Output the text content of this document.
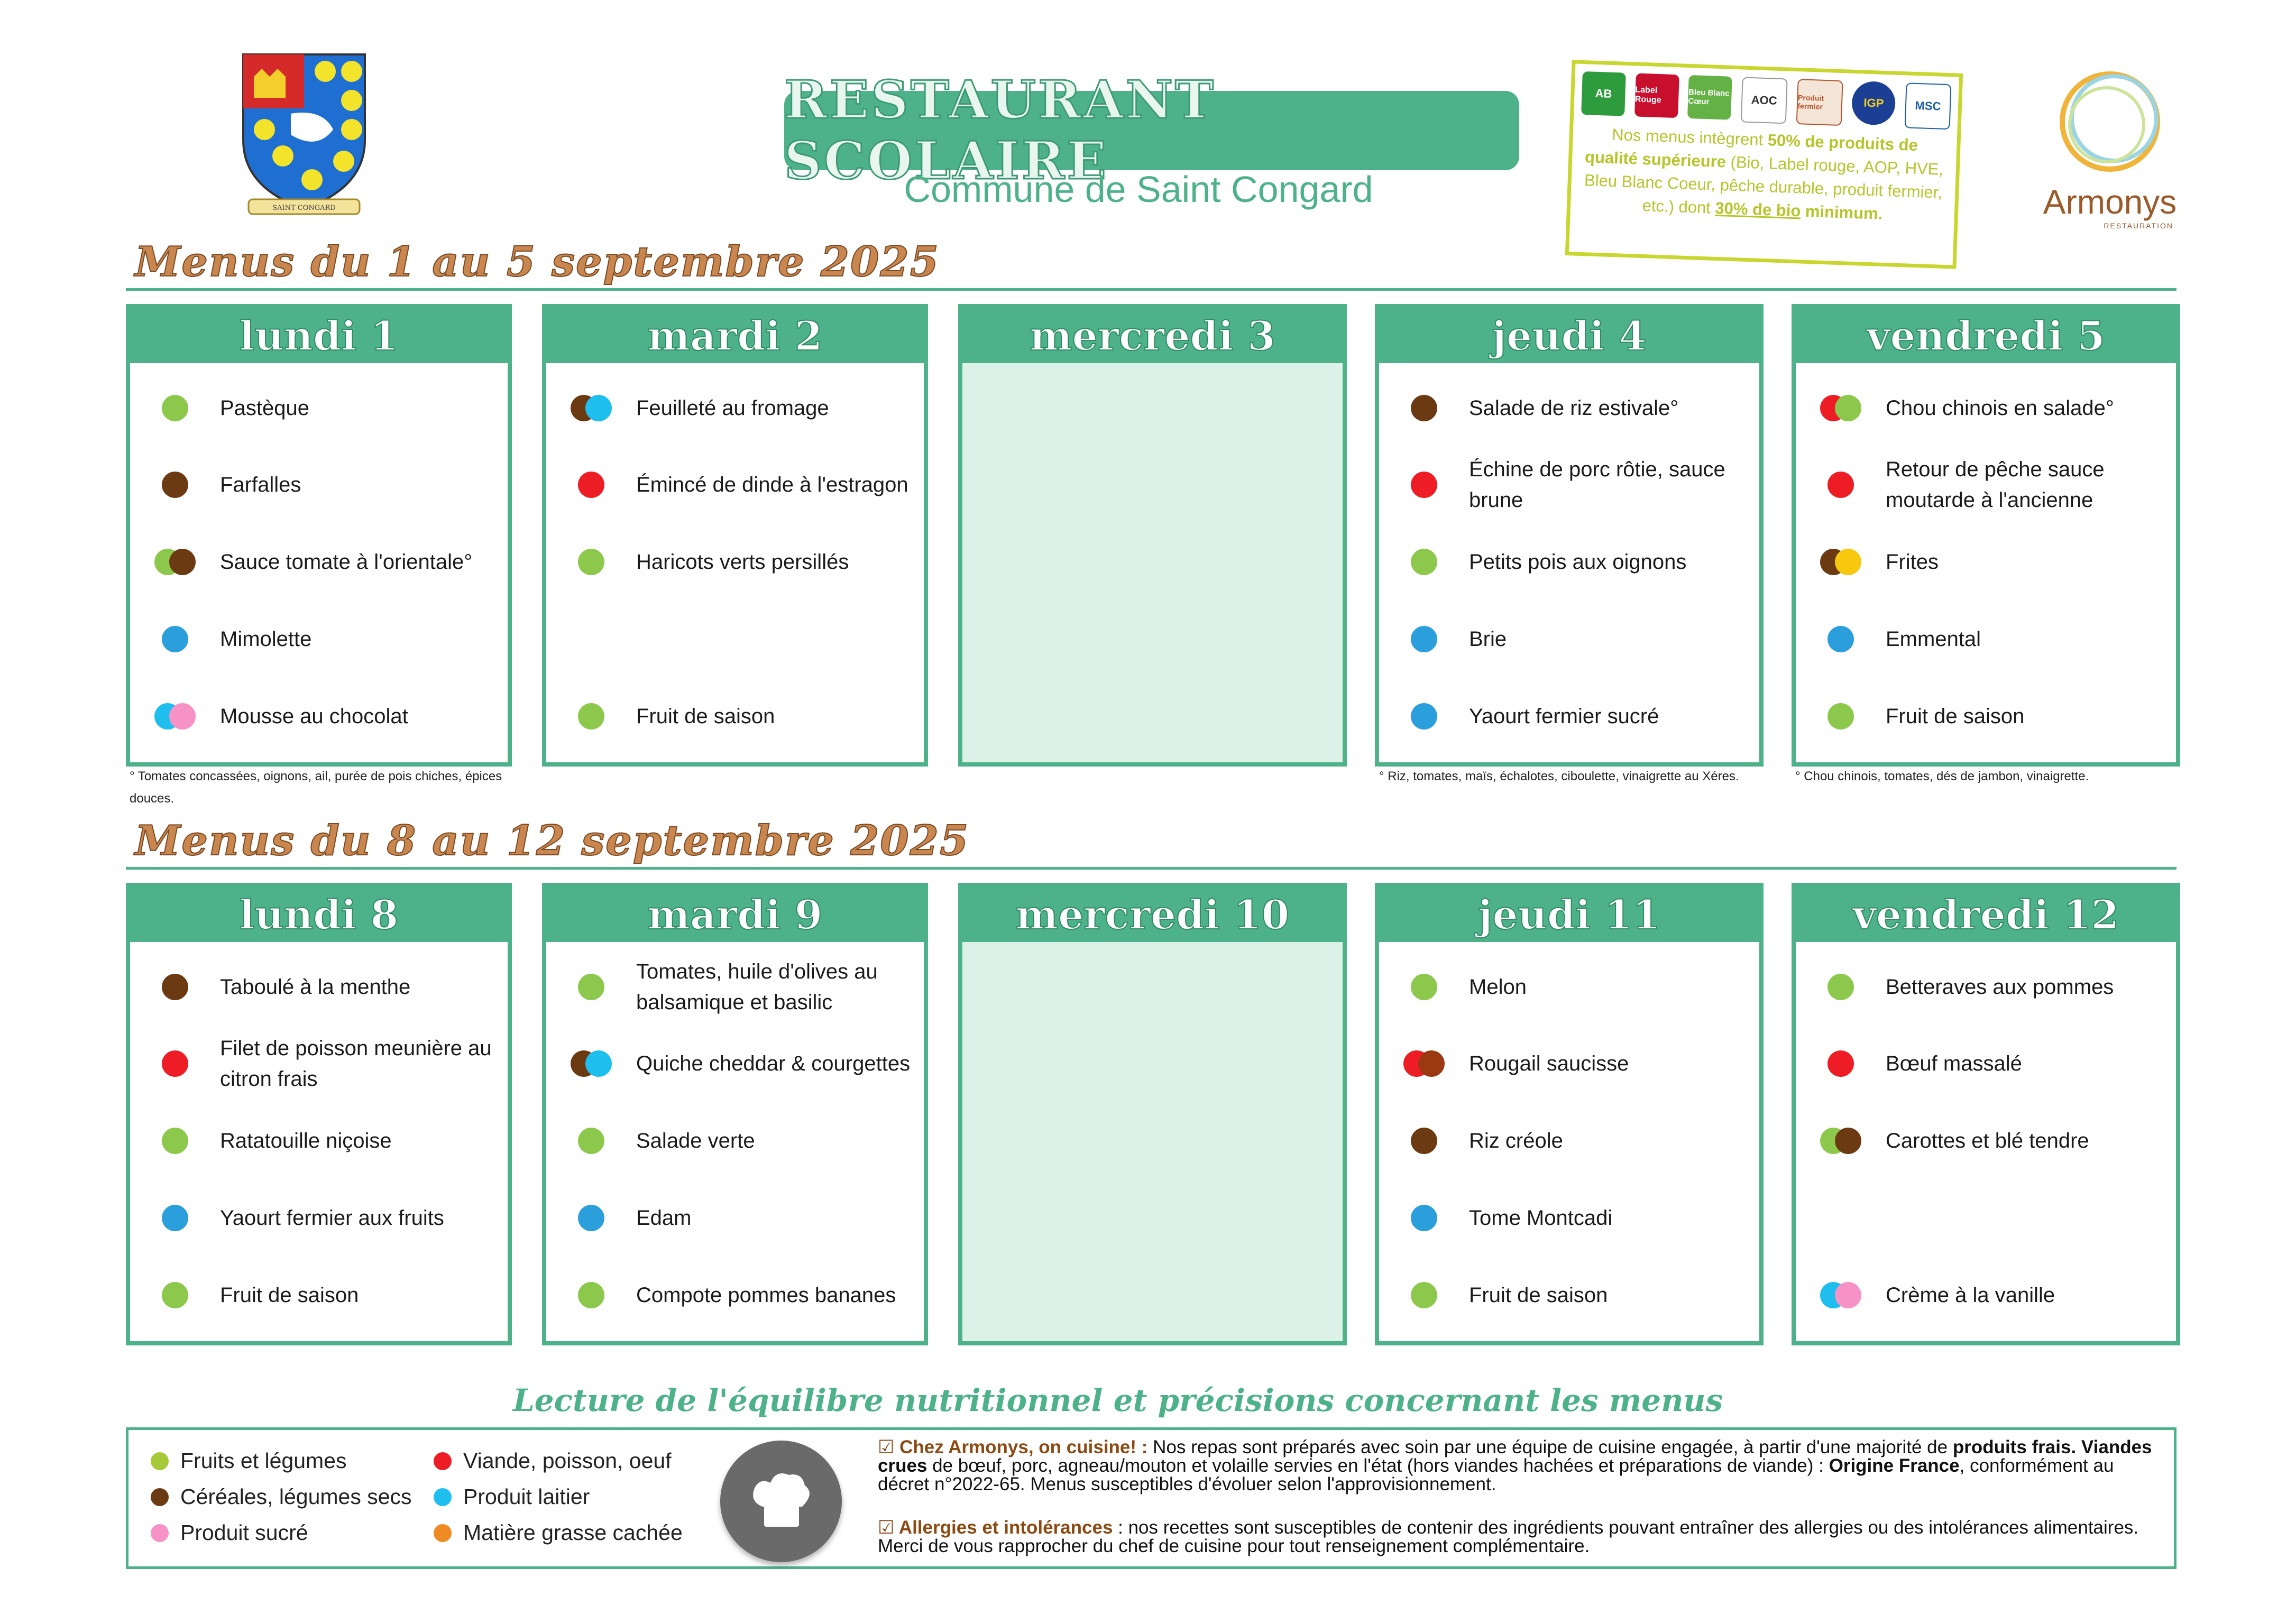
SAINT CONGARD
RESTAURANT SCOLAIRE
Commune de Saint Congard
AB	Label Rouge
Bleu Blanc Cœur	AOC	Produit fermier	IGP	MSC
Nos menus intègrent 50% de produits de qualité supérieure (Bio, Label rouge, AOP, HVE, Bleu Blanc Coeur, pêche durable, produit fermier, etc.) dont 30% de bio minimum.	Armonys
RESTAURATION
Menus du 1 au 5 septembre 2025
lundi 1
Pastèque
Farfalles
Sauce tomate à l'orientale°
Mimolette
Mousse au chocolat
° Tomates concassées, oignons, ail, purée de pois chiches, épices douces.
mardi 2
Feuilleté au fromage
Émincé de dinde à l'estragon
Haricots verts persillés
Fruit de saison
mercredi 3	jeudi 4
Salade de riz estivale°
Échine de porc rôtie, sauce brune
Petits pois aux oignons
Brie
Yaourt fermier sucré
° Riz, tomates, maïs, échalotes, ciboulette, vinaigrette au Xéres.
vendredi 5
Chou chinois en salade°
Retour de pêche sauce moutarde à l'ancienne
Frites
Emmental
Fruit de saison
° Chou chinois, tomates, dés de jambon, vinaigrette.
Menus du 8 au 12 septembre 2025
lundi 8
Taboulé à la menthe
Filet de poisson meunière au citron frais
Ratatouille niçoise
Yaourt fermier aux fruits
Fruit de saison
mardi 9
Tomates, huile d'olives au balsamique et basilic
Quiche cheddar & courgettes
Salade verte
Edam
Compote pommes bananes
mercredi 10	jeudi 11
Melon
Rougail saucisse
Riz créole
Tome Montcadi
Fruit de saison
vendredi 12
Betteraves aux pommes
Bœuf massalé
Carottes et blé tendre
Crème à la vanille
Lecture de l'équilibre nutritionnel et précisions concernant les menus
Fruits et légumes
Céréales, légumes secs
Produit sucré
Viande, poisson, oeuf
Produit laitier
Matière grasse cachée
☑ Chez Armonys, on cuisine! : Nos repas sont préparés avec soin par une équipe de cuisine engagée, à partir d'une majorité de produits frais. Viandes crues de bœuf, porc, agneau/mouton et volaille servies en l'état (hors viandes hachées et préparations de viande) : Origine France, conformément au décret n°2022-65. Menus susceptibles d'évoluer selon l'approvisionnement.
☑ Allergies et intolérances : nos recettes sont susceptibles de contenir des ingrédients pouvant entraîner des allergies ou des intolérances alimentaires. Merci de vous rapprocher du chef de cuisine pour tout renseignement complémentaire.
